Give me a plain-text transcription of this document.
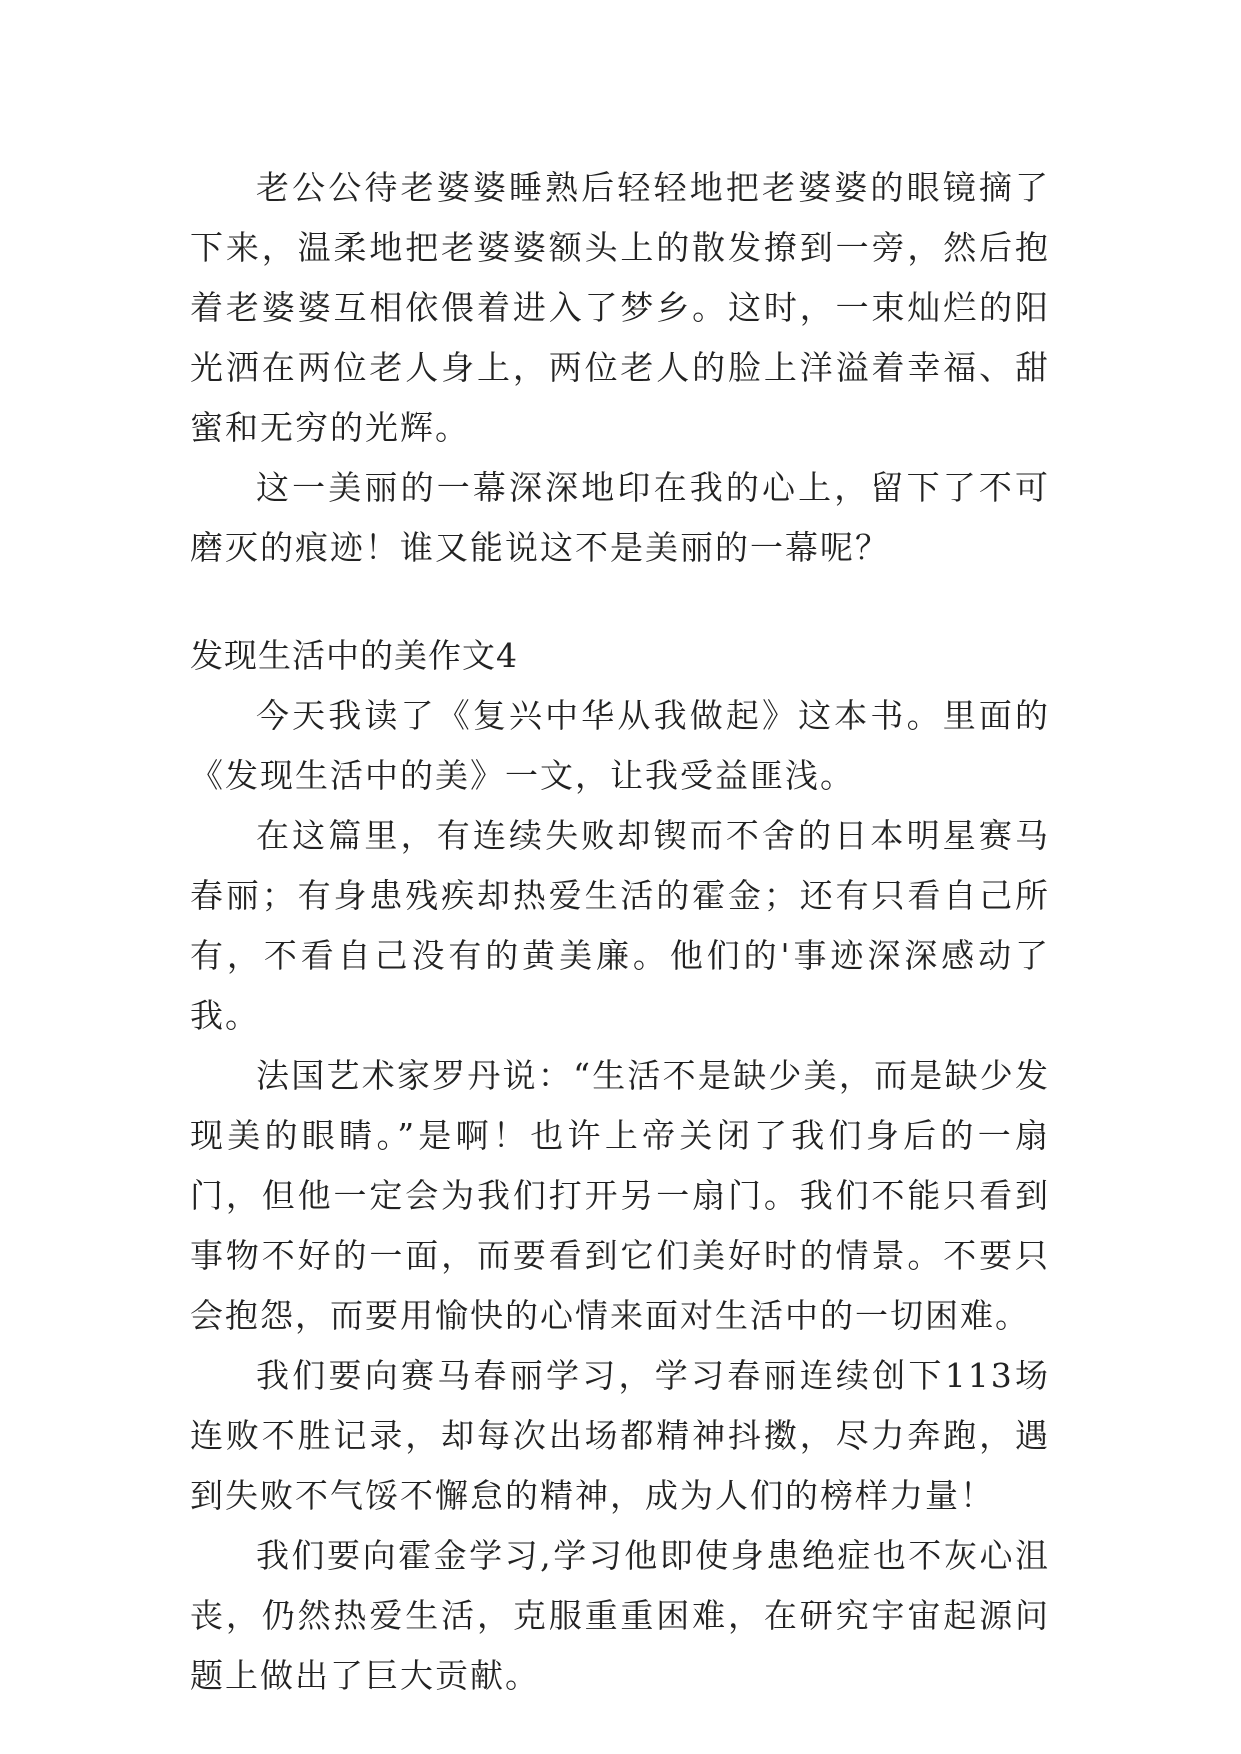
老公公待老婆婆睡熟后轻轻地把老婆婆的眼镜摘了下来，温柔地把老婆婆额头上的散发撩到一旁，然后抱着老婆婆互相依偎着进入了梦乡。这时，一束灿烂的阳光洒在两位老人身上，两位老人的脸上洋溢着幸福、甜蜜和无穷的光辉。

这一美丽的一幕深深地印在我的心上，留下了不可磨灭的痕迹！谁又能说这不是美丽的一幕呢？

发现生活中的美作文4

今天我读了《复兴中华从我做起》这本书。里面的《发现生活中的美》一文，让我受益匪浅。

在这篇里，有连续失败却锲而不舍的日本明星赛马春丽；有身患残疾却热爱生活的霍金；还有只看自己所有，不看自己没有的黄美廉。他们的'事迹深深感动了我。

法国艺术家罗丹说：“生活不是缺少美，而是缺少发现美的眼睛。”是啊！也许上帝关闭了我们身后的一扇门，但他一定会为我们打开另一扇门。我们不能只看到事物不好的一面，而要看到它们美好时的情景。不要只会抱怨，而要用愉快的心情来面对生活中的一切困难。

我们要向赛马春丽学习，学习春丽连续创下113场连败不胜记录，却每次出场都精神抖擞，尽力奔跑，遇到失败不气馁不懈怠的精神，成为人们的榜样力量！

我们要向霍金学习,学习他即使身患绝症也不灰心沮丧，仍然热爱生活，克服重重困难，在研究宇宙起源问题上做出了巨大贡献。
